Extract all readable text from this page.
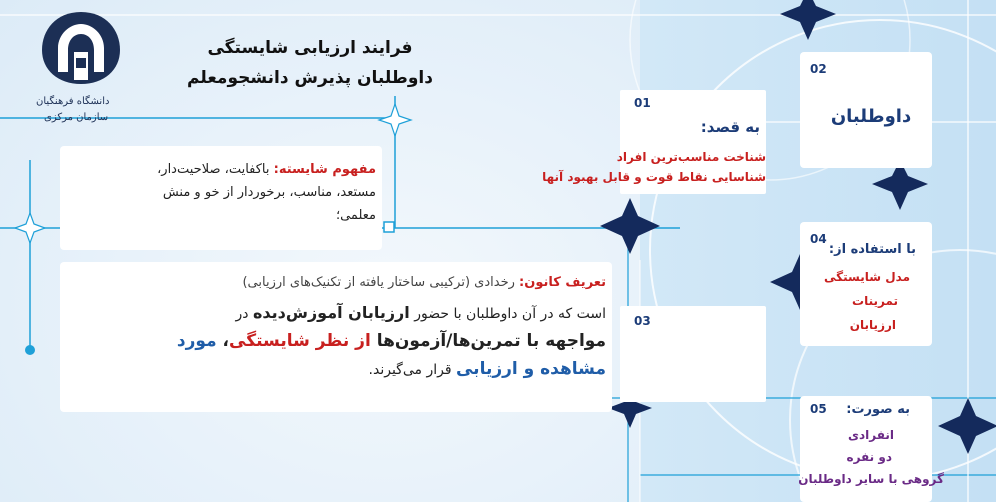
دانشگاه فرهنگیان
سازمان مرکزی
فرایند ارزیابی شایستگی
داوطلبان پذیرش دانشجومعلم
مفهوم شایسته: باکفایت، صلاحیت‌دار،
مستعد، مناسب، برخوردار از خو و منش
معلمی؛
تعریف کانون: رخدادی (ترکیبی ساختار یافته از تکنیک‌های ارزیابی)
است که در آن داوطلبان با حضور ارزیابان آموزش‌دیده در
مواجهه با تمرین‌ها/آزمون‌ها از نظر شایستگی، مورد
مشاهده و ارزیابی قرار می‌گیرند.
01
به قصد:
شناخت مناسب‌ترین افراد
شناسایی نقاط قوت و قابل بهبود آنها
02
داوطلبان
03
04
با استفاده از:
مدل شایستگی
تمرینات
ارزیابان
05 به صورت:
انفرادی
دو نفره
گروهی با سایر داوطلبان
